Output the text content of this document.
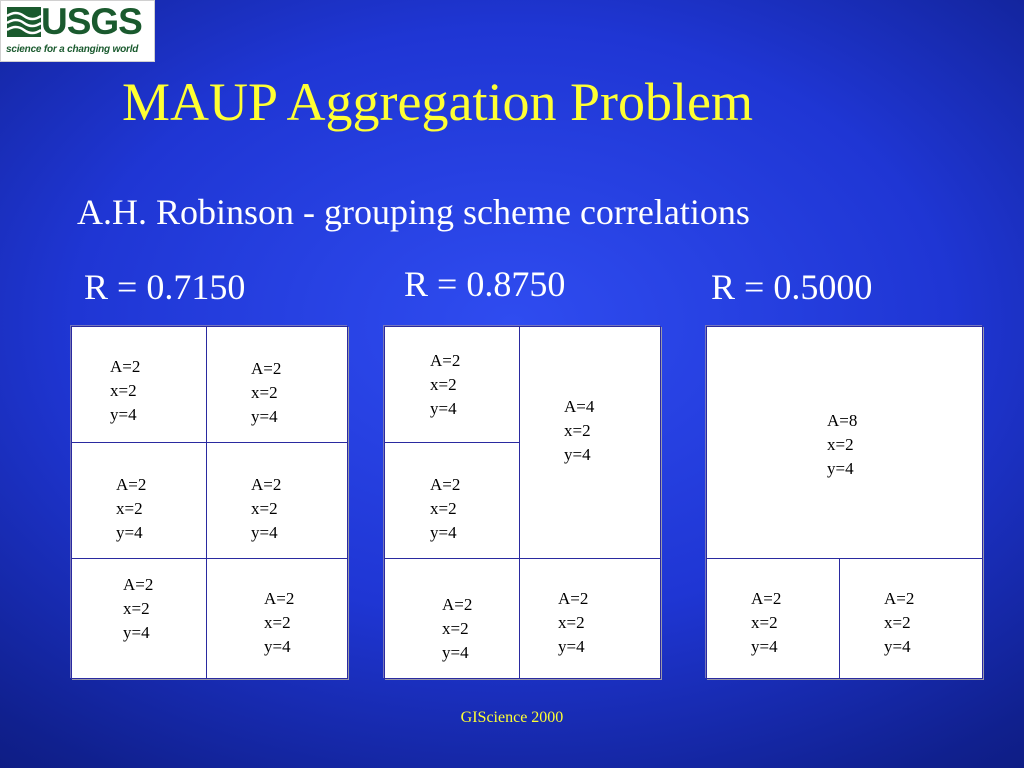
USGS
science for a changing world
MAUP Aggregation Problem
A.H. Robinson - grouping scheme correlations
R = 0.7150	R = 0.8750	R = 0.5000
A=2
x=2
y=4
A=2
x=2
y=4
A=2
x=2
y=4
A=2
x=2
y=4
A=2
x=2
y=4
A=2
x=2
y=4
A=2
x=2
y=4	A=4
x=2
y=4
A=2
x=2
y=4
A=2
x=2
y=4
A=2
x=2
y=4
A=8
x=2
y=4
A=2
x=2
y=4
A=2
x=2
y=4
GIScience 2000
